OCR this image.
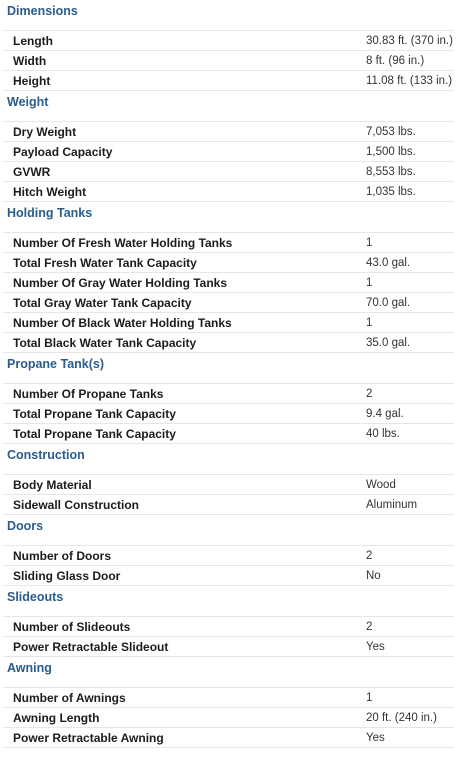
Dimensions
Length	30.83 ft. (370 in.)
Width	8 ft. (96 in.)
Height	11.08 ft. (133 in.)
Weight
Dry Weight	7,053 lbs.
Payload Capacity	1,500 lbs.
GVWR	8,553 lbs.
Hitch Weight	1,035 lbs.
Holding Tanks
Number Of Fresh Water Holding Tanks	1
Total Fresh Water Tank Capacity	43.0 gal.
Number Of Gray Water Holding Tanks	1
Total Gray Water Tank Capacity	70.0 gal.
Number Of Black Water Holding Tanks	1
Total Black Water Tank Capacity	35.0 gal.
Propane Tank(s)
Number Of Propane Tanks	2
Total Propane Tank Capacity	9.4 gal.
Total Propane Tank Capacity	40 lbs.
Construction
Body Material	Wood
Sidewall Construction	Aluminum
Doors
Number of Doors	2
Sliding Glass Door	No
Slideouts
Number of Slideouts	2
Power Retractable Slideout	Yes
Awning
Number of Awnings	1
Awning Length	20 ft. (240 in.)
Power Retractable Awning	Yes
